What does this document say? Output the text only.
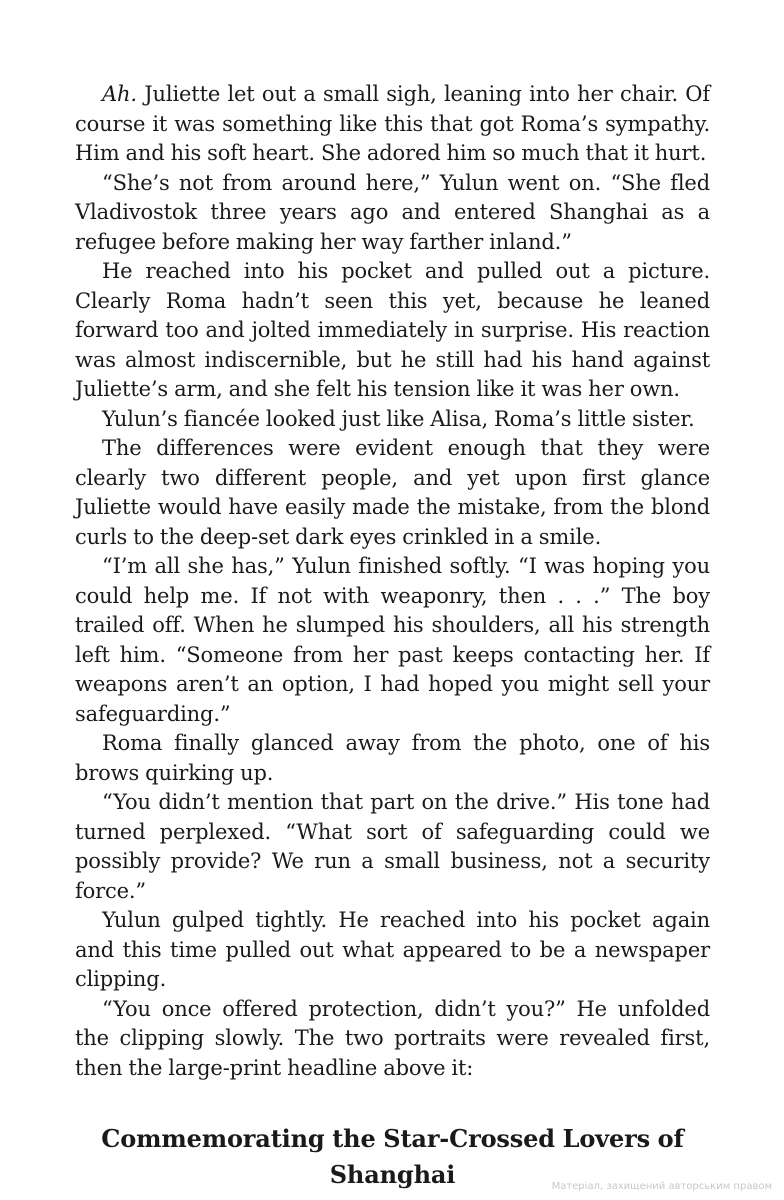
Ah. Juliette let out a small sigh, leaning into her chair. Of course it was something like this that got Roma’s sympathy. Him and his soft heart. She adored him so much that it hurt.

“She’s not from around here,” Yulun went on. “She fled Vladivostok three years ago and entered Shanghai as a refugee before making her way farther inland.”

He reached into his pocket and pulled out a picture. Clearly Roma hadn’t seen this yet, because he leaned forward too and jolted immediately in surprise. His reaction was almost indiscernible, but he still had his hand against Juliette’s arm, and she felt his tension like it was her own.

Yulun’s fiancée looked just like Alisa, Roma’s little sister.

The differences were evident enough that they were clearly two different people, and yet upon first glance Juliette would have easily made the mistake, from the blond curls to the deep-set dark eyes crinkled in a smile.

“I’m all she has,” Yulun finished softly. “I was hoping you could help me. If not with weaponry, then . . .” The boy trailed off. When he slumped his shoulders, all his strength left him. “Someone from her past keeps contacting her. If weapons aren’t an option, I had hoped you might sell your safeguarding.”

Roma finally glanced away from the photo, one of his brows quirking up.

“You didn’t mention that part on the drive.” His tone had turned perplexed. “What sort of safeguarding could we possibly provide? We run a small business, not a security force.”

Yulun gulped tightly. He reached into his pocket again and this time pulled out what appeared to be a newspaper clipping.

“You once offered protection, didn’t you?” He unfolded the clipping slowly. The two portraits were revealed first, then the large-print headline above it:

Commemorating the Star-Crossed Lovers of
Shanghai	Матеріал, захищений авторським правом
